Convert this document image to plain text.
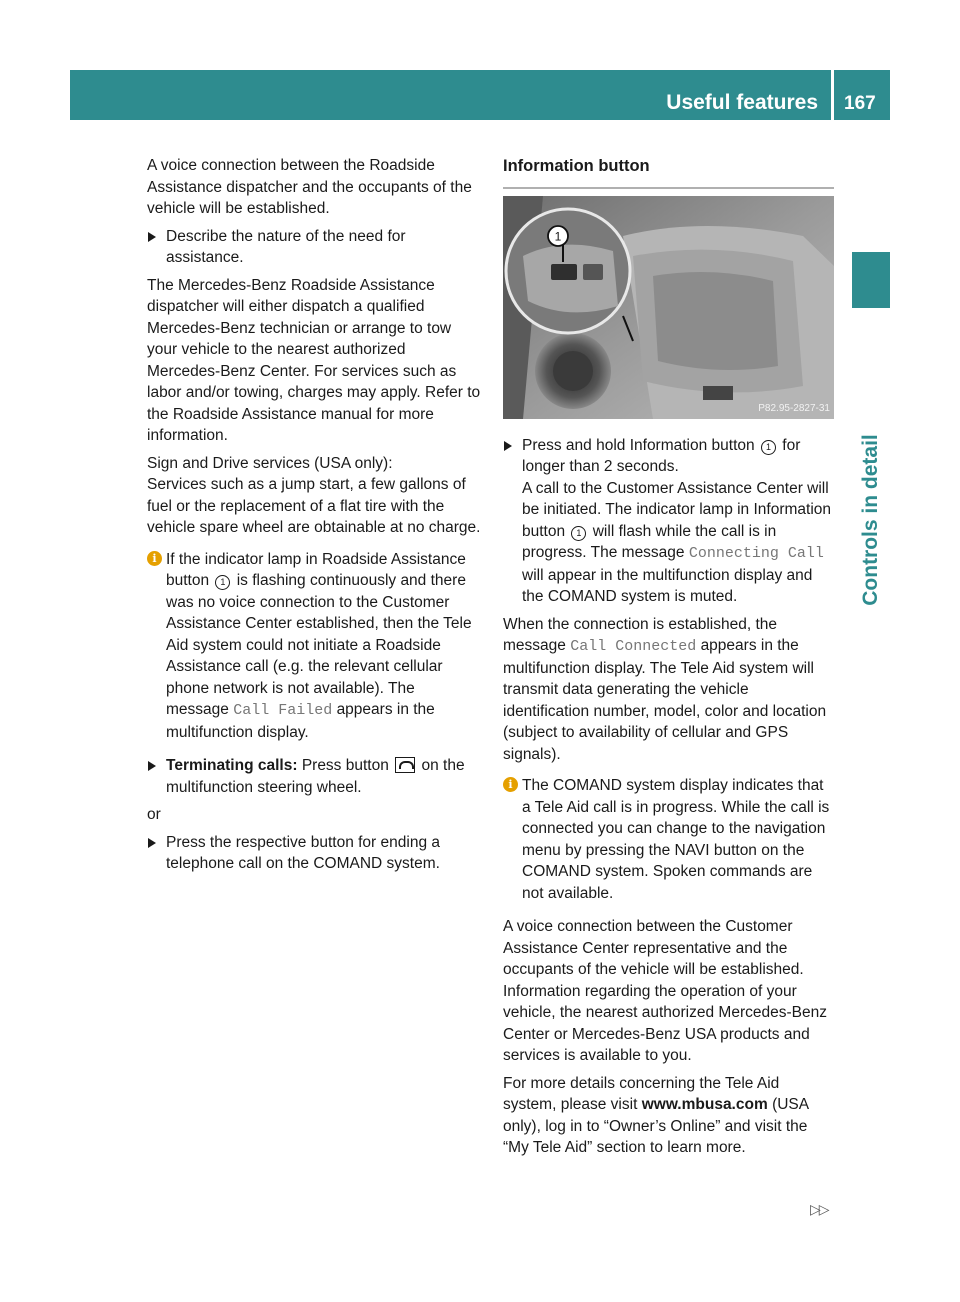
Useful features 167
Controls in detail

A voice connection between the Roadside Assistance dispatcher and the occupants of the vehicle will be established.

Describe the nature of the need for assistance.

The Mercedes-Benz Roadside Assistance dispatcher will either dispatch a qualified Mercedes-Benz technician or arrange to tow your vehicle to the nearest authorized Mercedes-Benz Center. For services such as labor and/or towing, charges may apply. Refer to the Roadside Assistance manual for more information.

Sign and Drive services (USA only):
Services such as a jump start, a few gallons of fuel or the replacement of a flat tire with the vehicle spare wheel are obtainable at no charge.

i If the indicator lamp in Roadside Assistance button 1 is flashing continuously and there was no voice connection to the Customer Assistance Center established, then the Tele Aid system could not initiate a Roadside Assistance call (e.g. the relevant cellular phone network is not available). The message Call Failed appears in the multifunction display.
Terminating calls: Press button on the multifunction steering wheel.

or

Press the respective button for ending a telephone call on the COMAND system.
Information button
1
P82.95-2827-31
Press and hold Information button 1 for longer than 2 seconds.
A call to the Customer Assistance Center will be initiated. The indicator lamp in Information button 1 will flash while the call is in progress. The message Connecting Call will appear in the multifunction display and the COMAND system is muted.

When the connection is established, the message Call Connected appears in the multifunction display. The Tele Aid system will transmit data generating the vehicle identification number, model, color and location (subject to availability of cellular and GPS signals).

i The COMAND system display indicates that a Tele Aid call is in progress. While the call is connected you can change to the navigation menu by pressing the NAVI button on the COMAND system. Spoken commands are not available.

A voice connection between the Customer Assistance Center representative and the occupants of the vehicle will be established. Information regarding the operation of your vehicle, the nearest authorized Mercedes-Benz Center or Mercedes-Benz USA products and services is available to you.

For more details concerning the Tele Aid system, please visit www.mbusa.com (USA only), log in to “Owner’s Online” and visit the “My Tele Aid” section to learn more.

▷▷
